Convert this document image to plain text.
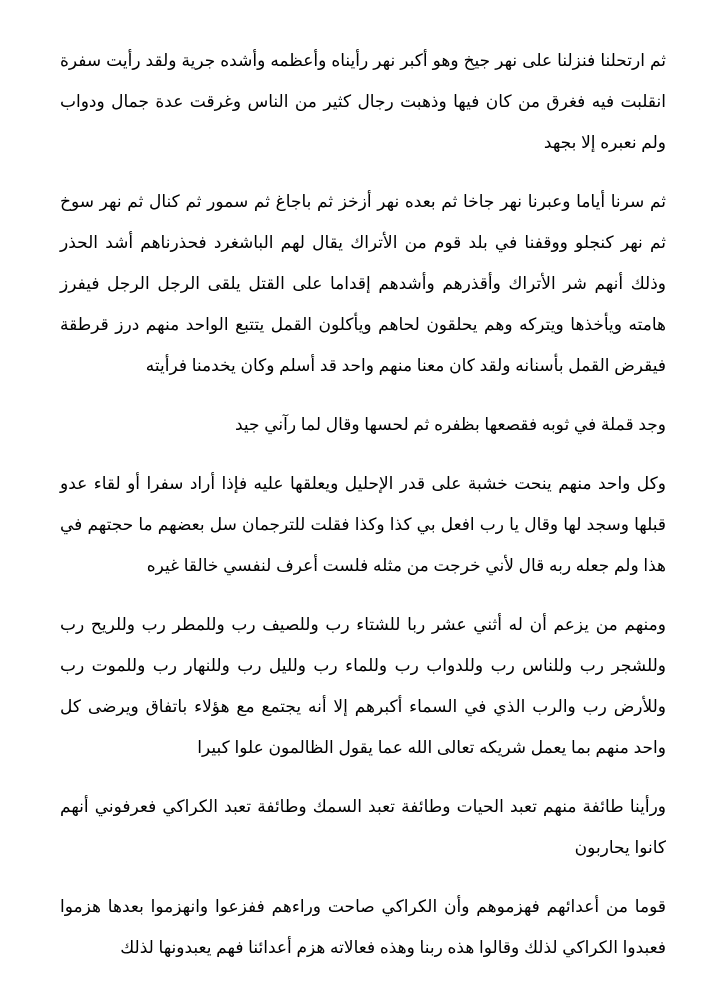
ثم ارتحلنا فنزلنا على نهر جيخ وهو أكبر نهر رأيناه وأعظمه وأشده جرية ولقد رأيت سفرة انقلبت فيه فغرق من كان فيها وذهبت رجال كثير من الناس وغرقت عدة جمال ودواب ولم نعبره إلا بجهد

ثم سرنا أياما وعبرنا نهر جاخا ثم بعده نهر أزخز ثم باجاغ ثم سمور ثم كنال ثم نهر سوخ ثم نهر كنجلو ووقفنا في بلد قوم من الأتراك يقال لهم الباشغرد فحذرناهم أشد الحذر وذلك أنهم شر الأتراك وأقذرهم وأشدهم إقداما على القتل يلقى الرجل الرجل فيفرز هامته ويأخذها ويتركه وهم يحلقون لحاهم ويأكلون القمل يتتبع الواحد منهم درز قرطقة فيقرض القمل بأسنانه ولقد كان معنا منهم واحد قد أسلم وكان يخدمنا فرأيته

وجد قملة في ثوبه فقصعها بظفره ثم لحسها وقال لما رآني جيد

وكل واحد منهم ينحت خشبة على قدر الإحليل ويعلقها عليه فإذا أراد سفرا أو لقاء عدو قبلها وسجد لها وقال يا رب افعل بي كذا وكذا فقلت للترجمان سل بعضهم ما حجتهم في هذا ولم جعله ربه قال لأني خرجت من مثله فلست أعرف لنفسي خالقا غيره

ومنهم من يزعم أن له أثني عشر ربا للشتاء رب وللصيف رب وللمطر رب وللريح رب وللشجر رب وللناس رب وللدواب رب وللماء رب ولليل رب وللنهار رب وللموت رب وللأرض رب والرب الذي في السماء أكبرهم إلا أنه يجتمع مع هؤلاء باتفاق ويرضى كل واحد منهم بما يعمل شريكه تعالى الله عما يقول الظالمون علوا كبيرا

ورأينا طائفة منهم تعبد الحيات وطائفة تعبد السمك وطائفة تعبد الكراكي فعرفوني أنهم كانوا يحاربون

قوما من أعدائهم فهزموهم وأن الكراكي صاحت وراءهم ففزعوا وانهزموا بعدها هزموا فعبدوا الكراكي لذلك وقالوا هذه ربنا وهذه فعالاته هزم أعدائنا فهم يعبدونها لذلك
